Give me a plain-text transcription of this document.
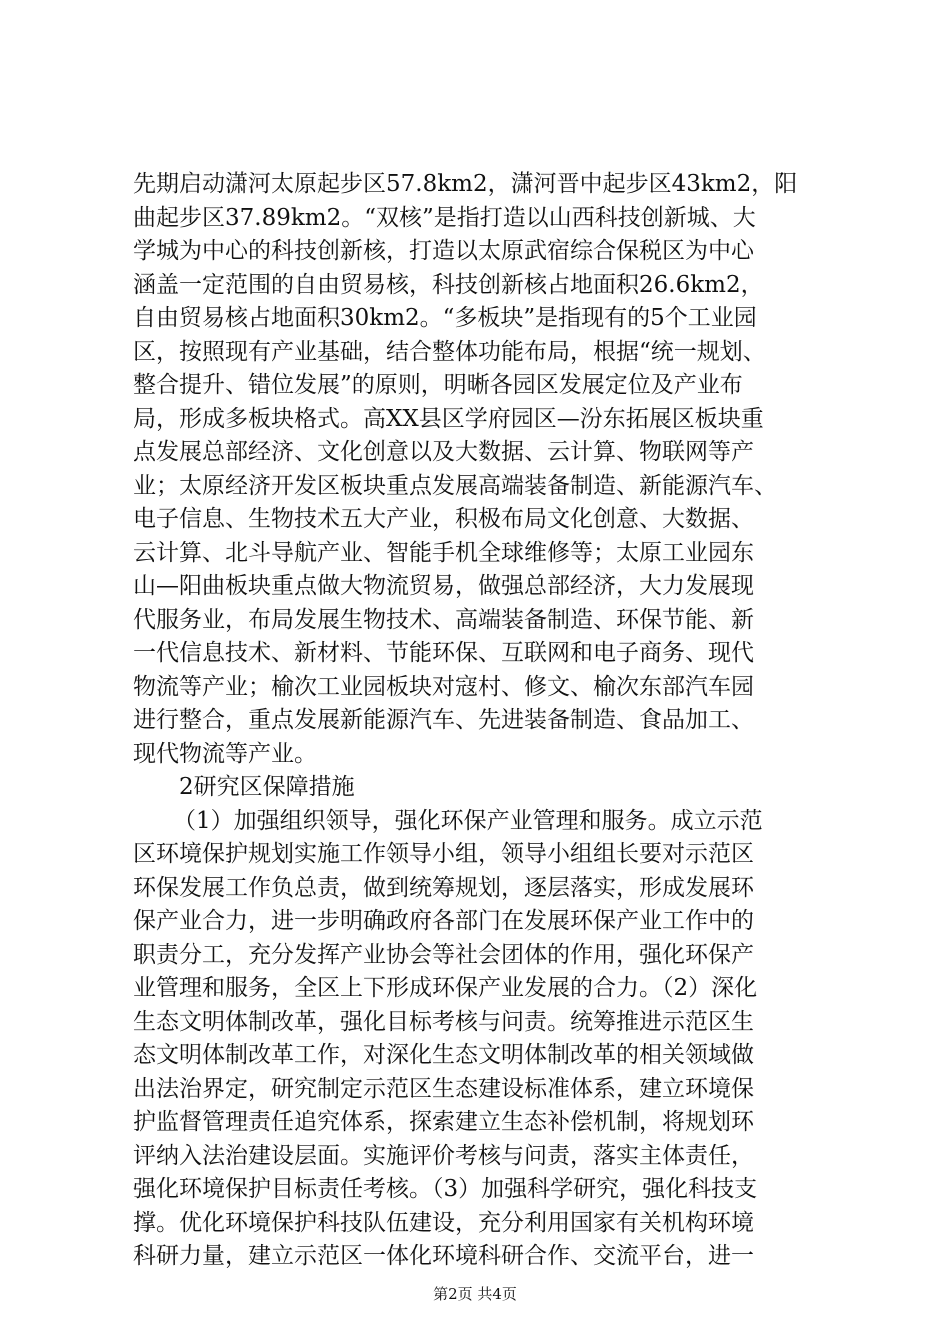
先期启动潇河太原起步区57.8km2，潇河晋中起步区43km2，阳
曲起步区37.89km2。“双核”是指打造以山西科技创新城、大
学城为中心的科技创新核，打造以太原武宿综合保税区为中心
涵盖一定范围的自由贸易核，科技创新核占地面积26.6km2，
自由贸易核占地面积30km2。“多板块”是指现有的5个工业园
区，按照现有产业基础，结合整体功能布局，根据“统一规划、
整合提升、错位发展”的原则，明晰各园区发展定位及产业布
局，形成多板块格式。高XX县区学府园区—汾东拓展区板块重
点发展总部经济、文化创意以及大数据、云计算、物联网等产
业；太原经济开发区板块重点发展高端装备制造、新能源汽车、
电子信息、生物技术五大产业，积极布局文化创意、大数据、
云计算、北斗导航产业、智能手机全球维修等；太原工业园东
山—阳曲板块重点做大物流贸易，做强总部经济，大力发展现
代服务业，布局发展生物技术、高端装备制造、环保节能、新
一代信息技术、新材料、节能环保、互联网和电子商务、现代
物流等产业；榆次工业园板块对寇村、修文、榆次东部汽车园
进行整合，重点发展新能源汽车、先进装备制造、食品加工、
现代物流等产业。
2研究区保障措施
（1）加强组织领导，强化环保产业管理和服务。成立示范
区环境保护规划实施工作领导小组，领导小组组长要对示范区
环保发展工作负总责，做到统筹规划，逐层落实，形成发展环
保产业合力，进一步明确政府各部门在发展环保产业工作中的
职责分工，充分发挥产业协会等社会团体的作用，强化环保产
业管理和服务，全区上下形成环保产业发展的合力。（2）深化
生态文明体制改革，强化目标考核与问责。统筹推进示范区生
态文明体制改革工作，对深化生态文明体制改革的相关领域做
出法治界定，研究制定示范区生态建设标准体系，建立环境保
护监督管理责任追究体系，探索建立生态补偿机制，将规划环
评纳入法治建设层面。实施评价考核与问责，落实主体责任，
强化环境保护目标责任考核。（3）加强科学研究，强化科技支
撑。优化环境保护科技队伍建设，充分利用国家有关机构环境
科研力量，建立示范区一体化环境科研合作、交流平台，进一
第2页 共4页
